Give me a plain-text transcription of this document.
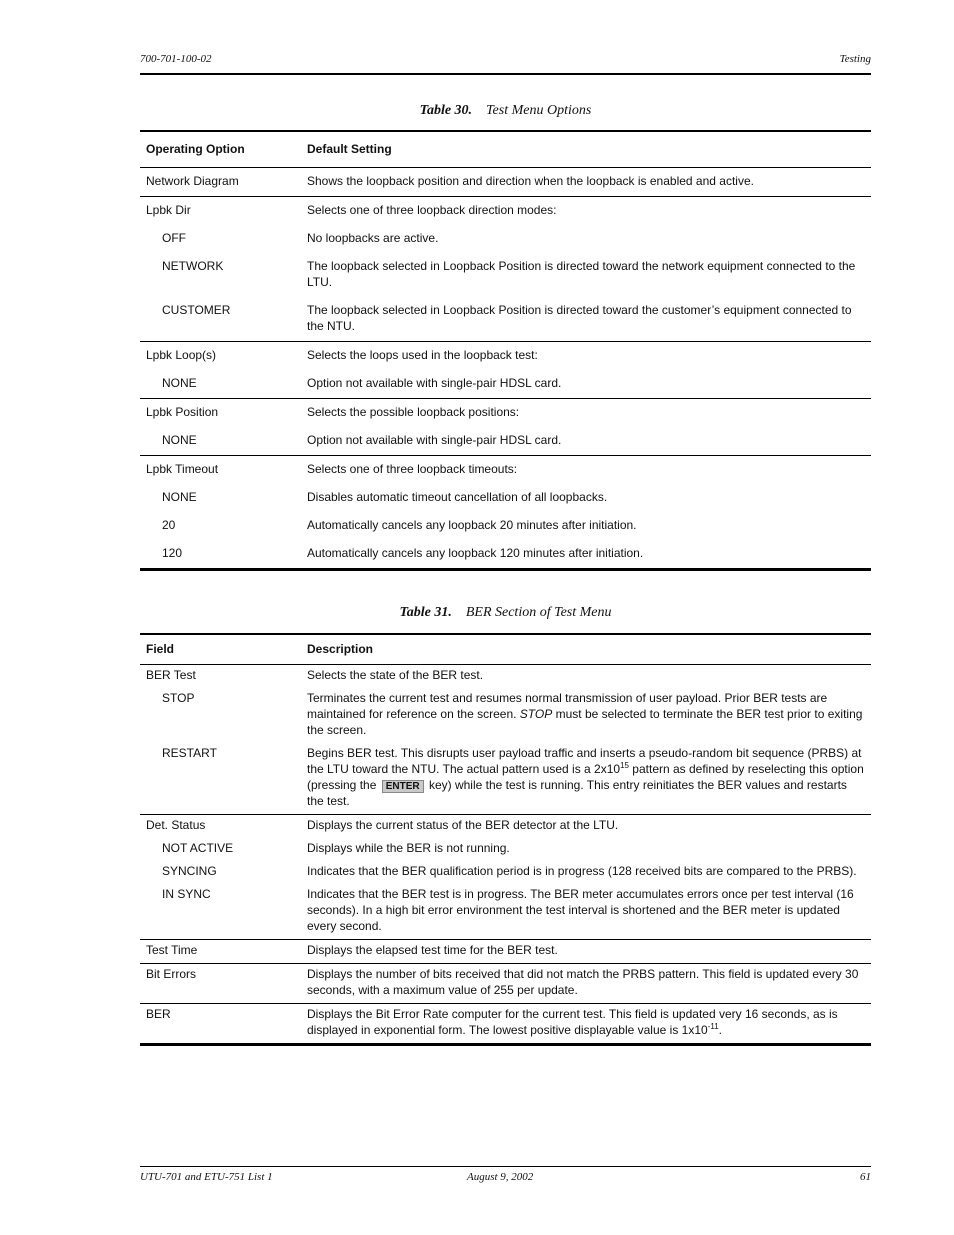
700-701-100-02	Testing
Table 30. Test Menu Options
Operating Option	Default Setting
Network Diagram	Shows the loopback position and direction when the loopback is enabled and active.
Lpbk Dir	Selects one of three loopback direction modes:
OFF	No loopbacks are active.
NETWORK	The loopback selected in Loopback Position is directed toward the network equipment connected to the LTU.
CUSTOMER	The loopback selected in Loopback Position is directed toward the customer’s equipment connected to the NTU.
Lpbk Loop(s)	Selects the loops used in the loopback test:
NONE	Option not available with single-pair HDSL card.
Lpbk Position	Selects the possible loopback positions:
NONE	Option not available with single-pair HDSL card.
Lpbk Timeout	Selects one of three loopback timeouts:
NONE	Disables automatic timeout cancellation of all loopbacks.
20	Automatically cancels any loopback 20 minutes after initiation.
120	Automatically cancels any loopback 120 minutes after initiation.
Table 31. BER Section of Test Menu
Field	Description
BER Test	Selects the state of the BER test.
STOP	Terminates the current test and resumes normal transmission of user payload. Prior BER tests are maintained for reference on the screen. STOP must be selected to terminate the BER test prior to exiting the screen.
RESTART	Begins BER test. This disrupts user payload traffic and inserts a pseudo-random bit sequence (PRBS) at the LTU toward the NTU. The actual pattern used is a $2x10^{15}$ pattern as defined by reselecting this option (pressing the ENTER key) while the test is running. This entry reinitiates the BER values and restarts the test.
Det. Status	Displays the current status of the BER detector at the LTU.
NOT ACTIVE	Displays while the BER is not running.
SYNCING	Indicates that the BER qualification period is in progress (128 received bits are compared to the PRBS).
IN SYNC	Indicates that the BER test is in progress. The BER meter accumulates errors once per test interval (16 seconds). In a high bit error environment the test interval is shortened and the BER meter is updated every second.
Test Time	Displays the elapsed test time for the BER test.
Bit Errors	Displays the number of bits received that did not match the PRBS pattern. This field is updated every 30 seconds, with a maximum value of 255 per update.
BER	Displays the Bit Error Rate computer for the current test. This field is updated very 16 seconds, as is displayed in exponential form. The lowest positive displayable value is $1x10^{-11}$.
UTU-701 and ETU-751 List 1	August 9, 2002	61
